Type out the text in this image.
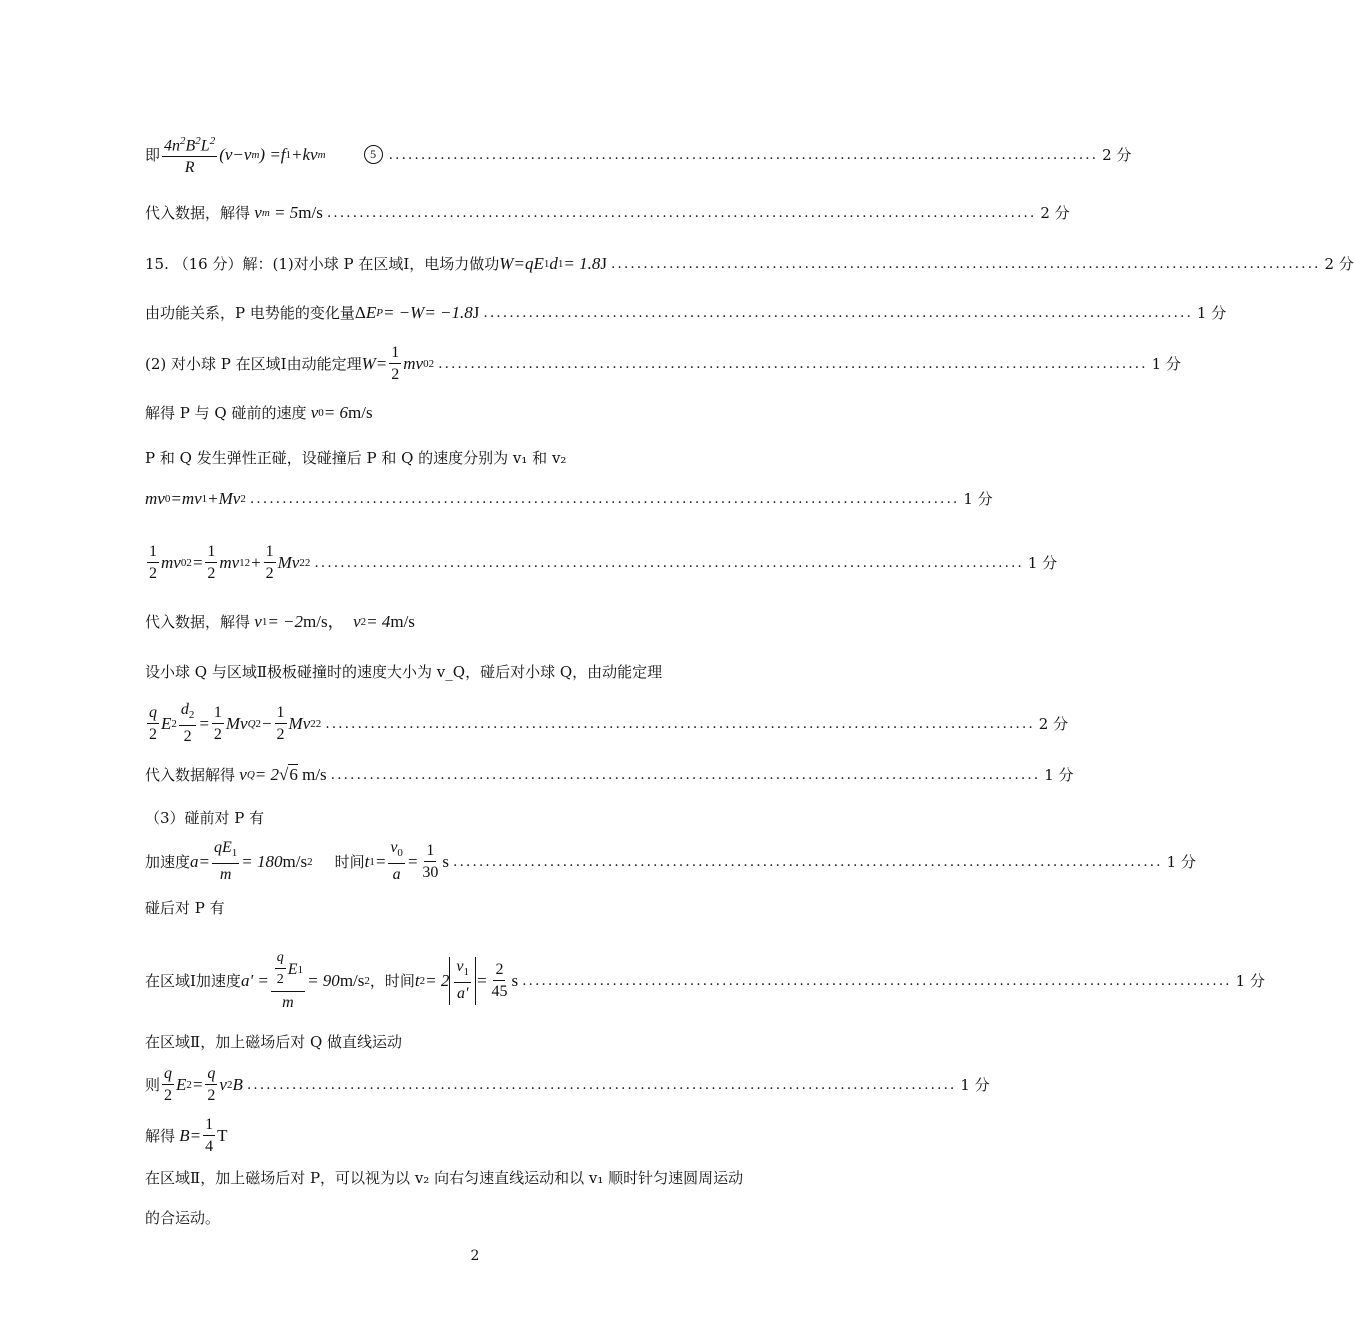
即 $\frac{4n^2B^2L^2}{R}$ ( v − v m ) = f 1 + kv m	5 .............................................................................................................. 2 分
代入数据，解得
v m = 5 m/s .............................................................................................................. 2 分
15. （16 分）解：(1)对小球 P 在区域Ⅰ，电场力做功 W = qE 1 d 1 = 1.8 J .............................................................................................................. 2 分
由功能关系，P 电势能的变化量 Δ E P = − W = −1.8 J .............................................................................................................. 1 分
(2) 对小球 P 在区域Ⅰ由动能定理 $W = \frac{1}{2}$ mv 0 2 .............................................................................................................. 1 分
解得 P 与 Q 碰前的速度
v 0 = 6 m/s
P 和 Q 发生弹性正碰，设碰撞后 P 和 Q 的速度分别为 v₁ 和 v₂
mv 0 = mv 1 + Mv 2 .............................................................................................................. 1 分
$\frac{1}{2}$ mv 0 $2 = \frac{1}{2}$ mv 1 $2 + \frac{1}{2}$ Mv 2 2 .............................................................................................................. 1 分
代入数据，解得
v 1 = −2 m/s ，
v 2 = 4 m/s
设小球 Q 与区域Ⅱ极板碰撞时的速度大小为 v_Q，碰后对小球 Q，由动能定理
$\frac{q}{2}$ E $2 \frac{d_2}{2} = \frac{1}{2}$ Mv Q $2 - \frac{1}{2}$ Mv 2 2 .............................................................................................................. 2 分
代入数据解得
v Q = 2 √ 6
m/s .............................................................................................................. 1 分
（3）碰前对 P 有
加速度 $a = \frac{qE_1}{m} = 180$ m/s 2 时间 t $1 = \frac{v_0}{a} = \frac{1}{30}$ s .............................................................................................................. 1 分
碰后对 P 有
在区域Ⅰ加速度 a ' = $\frac{\frac{q}{2} E 1}{m} = 90$ m/s 2 ，时间 t $2 = 2 \frac{v_1}{a'} = \frac{2}{45}$ s .............................................................................................................. 1 分
在区域Ⅱ，加上磁场后对 Q 做直线运动
则 $\frac{q}{2}$ E $2 = \frac{q}{2}$ v 2 B .............................................................................................................. 1 分
解得
$B = \frac{1}{4}$ T
在区域Ⅱ，加上磁场后对 P，可以视为以 v₂ 向右匀速直线运动和以 v₁ 顺时针匀速圆周运动
的合运动。
2
